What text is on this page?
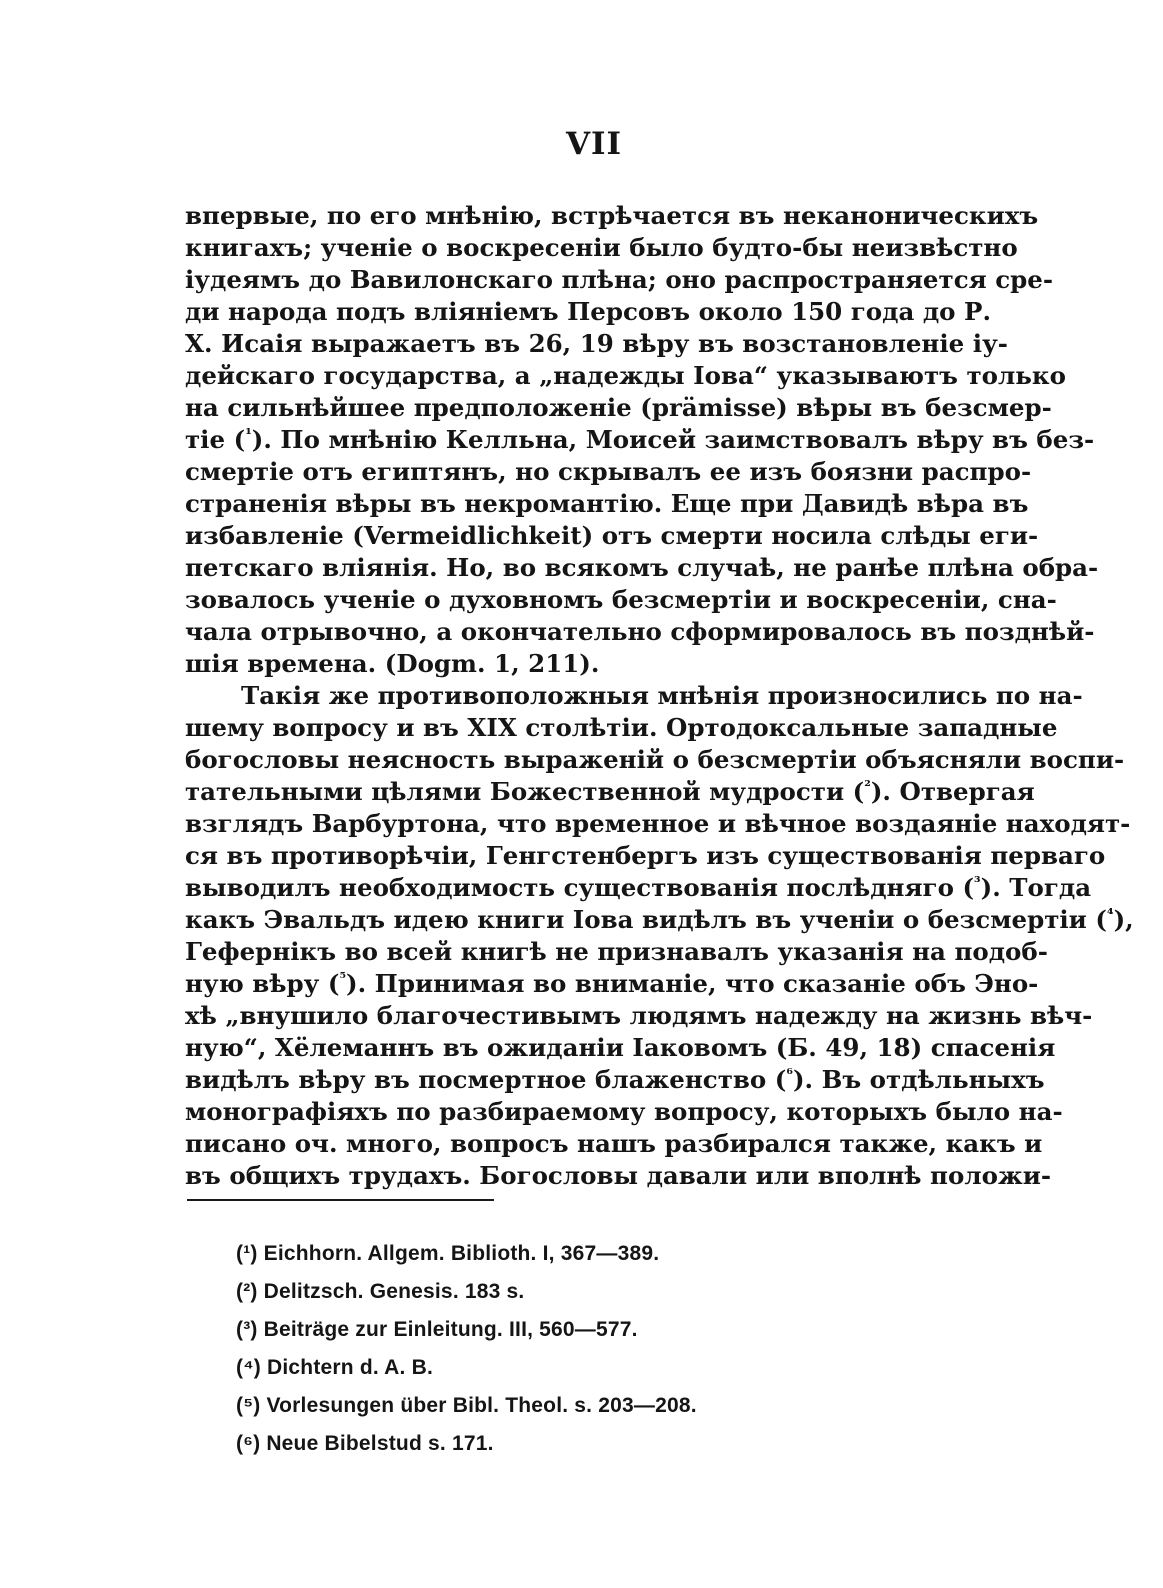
VII
впервые, по его мнѣнію, встрѣчается въ неканоническихъ
книгахъ; ученіе о воскресеніи было будто-бы неизвѣстно
іудеямъ до Вавилонскаго плѣна; оно распространяется сре-
ди народа подъ вліяніемъ Персовъ около 150 года до Р.
Х. Исаія выражаетъ въ 26, 19 вѣру въ возстановленіе іу-
дейскаго государства, а „надежды Іова“ указываютъ только
на сильнѣйшее предположеніе (prämisse) вѣры въ безсмер-
тіе ($^{^1}$). По мнѣнію Келльна, Моисей заимствовалъ вѣру въ без-
смертіе отъ египтянъ, но скрывалъ ее изъ боязни распро-
страненія вѣры въ некромантію. Еще при Давидѣ вѣра въ
избавленіе (Vermeidlichkeit) отъ смерти носила слѣды еги-
петскаго вліянія. Но, во всякомъ случаѣ, не ранѣе плѣна обра-
зовалось ученіе о духовномъ безсмертіи и воскресеніи, сна-
чала отрывочно, а окончательно сформировалось въ позднѣй-
шія времена. (Dogm. 1, 211).
Такія же противоположныя мнѣнія произносились по на-
шему вопросу и въ XIX столѣтіи. Ортодоксальные западные
богословы неясность выраженій о безсмертіи объясняли воспи-
тательными цѣлями Божественной мудрости ($^{^2}$). Отвергая
взглядъ Варбуртона, что временное и вѣчное воздаяніе находят-
ся въ противорѣчіи, Генгстенбергъ изъ существованія перваго
выводилъ необходимость существованія послѣдняго ($^{^3}$). Тогда
какъ Эвальдъ идею книги Іова видѣлъ въ ученіи о безсмертіи ($^{^4}$),
Гефернікъ во всей книгѣ не признавалъ указанія на подоб-
ную вѣру ($^{^5}$). Принимая во вниманіе, что сказаніе объ Эно-
хѣ „внушило благочестивымъ людямъ надежду на жизнь вѣч-
ную“, Хёлеманнъ въ ожиданіи Іаковомъ (Б. 49, 18) спасенія
видѣлъ вѣру въ посмертное блаженство ($^{^6}$). Въ отдѣльныхъ
монографіяхъ по разбираемому вопросу, которыхъ было на-
писано оч. много, вопросъ нашъ разбирался также, какъ и
въ общихъ трудахъ. Богословы давали или вполнѣ положи-
(¹) Eichhorn. Allgem. Biblioth. I, 367—389.
(²) Delitzsch. Genesis. 183 s.
(³) Beiträge zur Einleitung. III, 560—577.
(⁴) Dichtern d. A. B.
(⁵) Vorlesungen über Bibl. Theol. s. 203—208.
(⁶) Neue Bibelstud s. 171.
